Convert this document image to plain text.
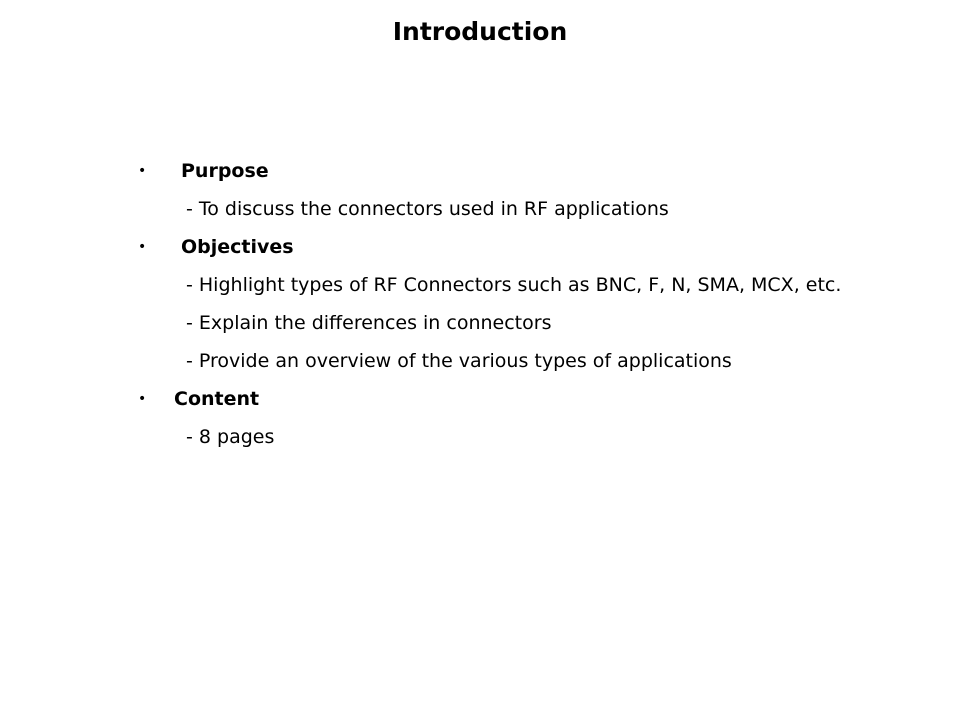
Introduction
• Purpose
- To discuss the connectors used in RF applications
• Objectives
- Highlight types of RF Connectors such as BNC, F, N, SMA, MCX, etc.
- Explain the differences in connectors
- Provide an overview of the various types of applications
• Content
- 8 pages
